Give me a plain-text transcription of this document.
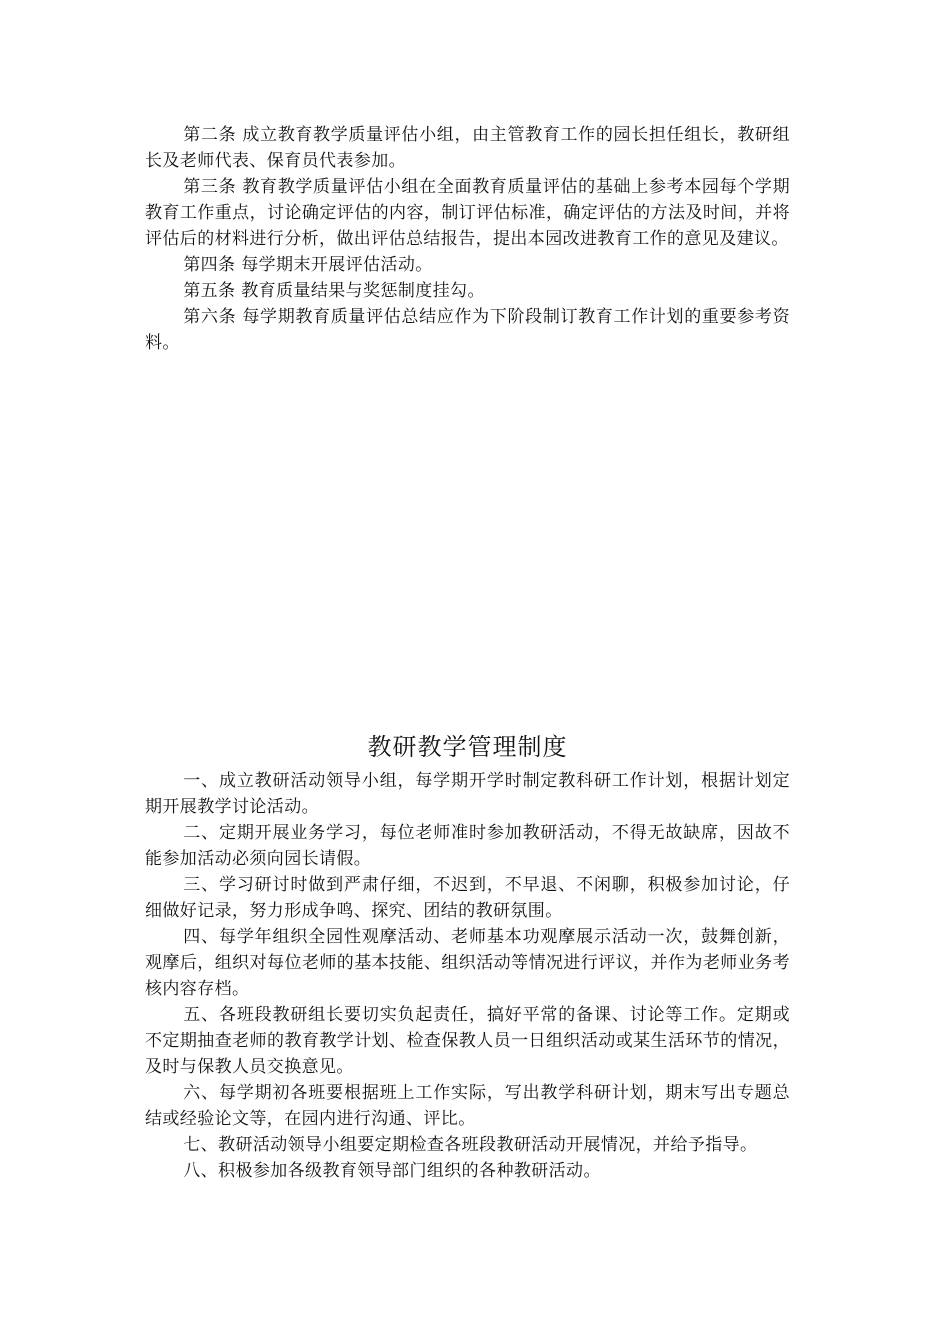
第二条 成立教育教学质量评估小组，由主管教育工作的园长担任组长，教研组长及老师代表、保育员代表参加。

第三条 教育教学质量评估小组在全面教育质量评估的基础上参考本园每个学期教育工作重点，讨论确定评估的内容，制订评估标准，确定评估的方法及时间，并将评估后的材料进行分析，做出评估总结报告，提出本园改进教育工作的意见及建议。

第四条 每学期末开展评估活动。

第五条 教育质量结果与奖惩制度挂勾。

第六条 每学期教育质量评估总结应作为下阶段制订教育工作计划的重要参考资料。

教研教学管理制度

一、成立教研活动领导小组，每学期开学时制定教科研工作计划，根据计划定期开展教学讨论活动。

二、定期开展业务学习，每位老师准时参加教研活动，不得无故缺席，因故不能参加活动必须向园长请假。

三、学习研讨时做到严肃仔细，不迟到，不早退、不闲聊，积极参加讨论，仔细做好记录，努力形成争鸣、探究、团结的教研氛围。

四、每学年组织全园性观摩活动、老师基本功观摩展示活动一次，鼓舞创新，观摩后，组织对每位老师的基本技能、组织活动等情况进行评议，并作为老师业务考核内容存档。

五、各班段教研组长要切实负起责任，搞好平常的备课、讨论等工作。定期或不定期抽查老师的教育教学计划、检查保教人员一日组织活动或某生活环节的情况，及时与保教人员交换意见。

六、每学期初各班要根据班上工作实际，写出教学科研计划，期末写出专题总结或经验论文等，在园内进行沟通、评比。

七、教研活动领导小组要定期检查各班段教研活动开展情况，并给予指导。

八、积极参加各级教育领导部门组织的各种教研活动。
